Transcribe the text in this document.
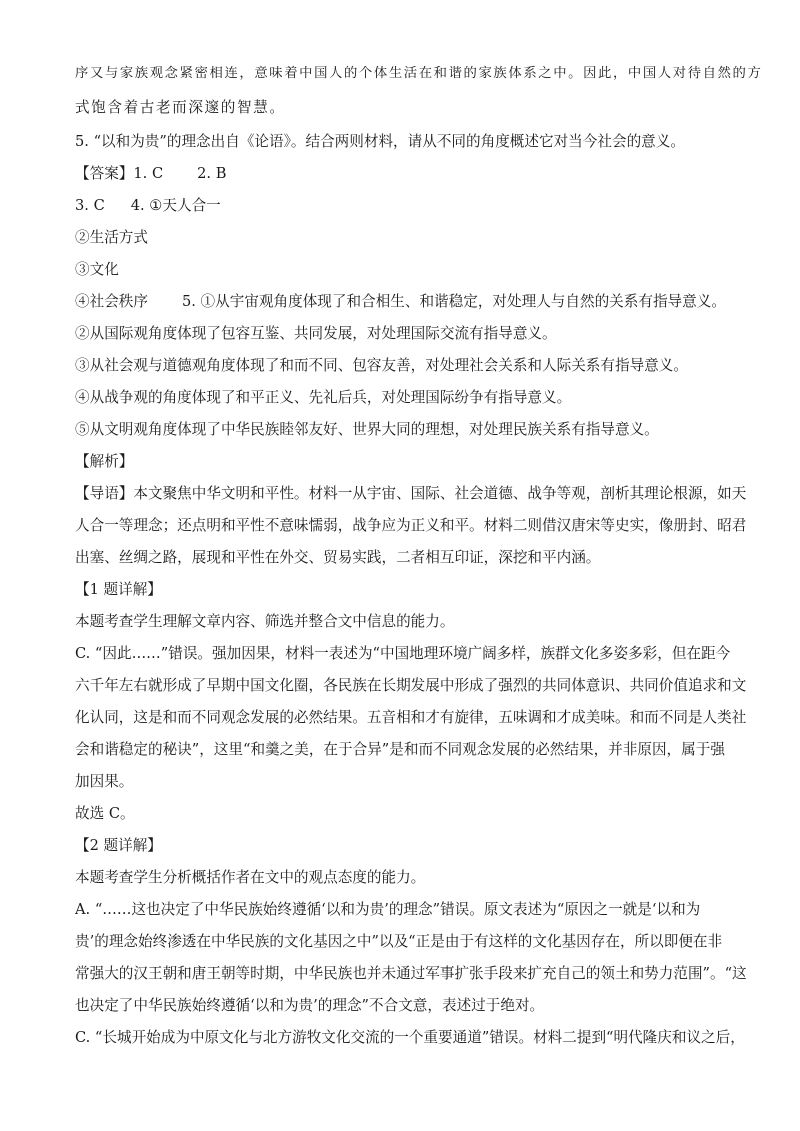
序又与家族观念紧密相连，意味着中国人的个体生活在和谐的家族体系之中。因此，中国人对待自然的方
式饱含着古老而深邃的智慧。
5. “以和为贵”的理念出自《论语》。结合两则材料，请从不同的角度概述它对当今社会的意义。
【答案】1. C 2. B
3. C 4. ①天人合一
②生活方式
③文化
④社会秩序 5. ①从宇宙观角度体现了和合相生、和谐稳定，对处理人与自然的关系有指导意义。
②从国际观角度体现了包容互鉴、共同发展，对处理国际交流有指导意义。
③从社会观与道德观角度体现了和而不同、包容友善，对处理社会关系和人际关系有指导意义。
④从战争观的角度体现了和平正义、先礼后兵，对处理国际纷争有指导意义。
⑤从文明观角度体现了中华民族睦邻友好、世界大同的理想，对处理民族关系有指导意义。
【解析】
【导语】本文聚焦中华文明和平性。材料一从宇宙、国际、社会道德、战争等观，剖析其理论根源，如天
人合一等理念；还点明和平性不意味懦弱，战争应为正义和平。材料二则借汉唐宋等史实，像册封、昭君
出塞、丝绸之路，展现和平性在外交、贸易实践，二者相互印证，深挖和平内涵。
【1 题详解】
本题考查学生理解文章内容、筛选并整合文中信息的能力。
C. “因此……”错误。强加因果，材料一表述为“中国地理环境广阔多样，族群文化多姿多彩，但在距今
六千年左右就形成了早期中国文化圈，各民族在长期发展中形成了强烈的共同体意识、共同价值追求和文
化认同，这是和而不同观念发展的必然结果。五音相和才有旋律，五味调和才成美味。和而不同是人类社
会和谐稳定的秘诀”，这里“和羹之美，在于合异”是和而不同观念发展的必然结果，并非原因，属于强
加因果。
故选 C。
【2 题详解】
本题考查学生分析概括作者在文中的观点态度的能力。
A. “……这也决定了中华民族始终遵循‘以和为贵’的理念”错误。原文表述为“原因之一就是‘以和为
贵’的理念始终渗透在中华民族的文化基因之中”以及“正是由于有这样的文化基因存在，所以即便在非
常强大的汉王朝和唐王朝等时期，中华民族也并未通过军事扩张手段来扩充自己的领土和势力范围”。“这
也决定了中华民族始终遵循‘以和为贵’的理念”不合文意，表述过于绝对。
C. “长城开始成为中原文化与北方游牧文化交流的一个重要通道”错误。材料二提到“明代隆庆和议之后，
